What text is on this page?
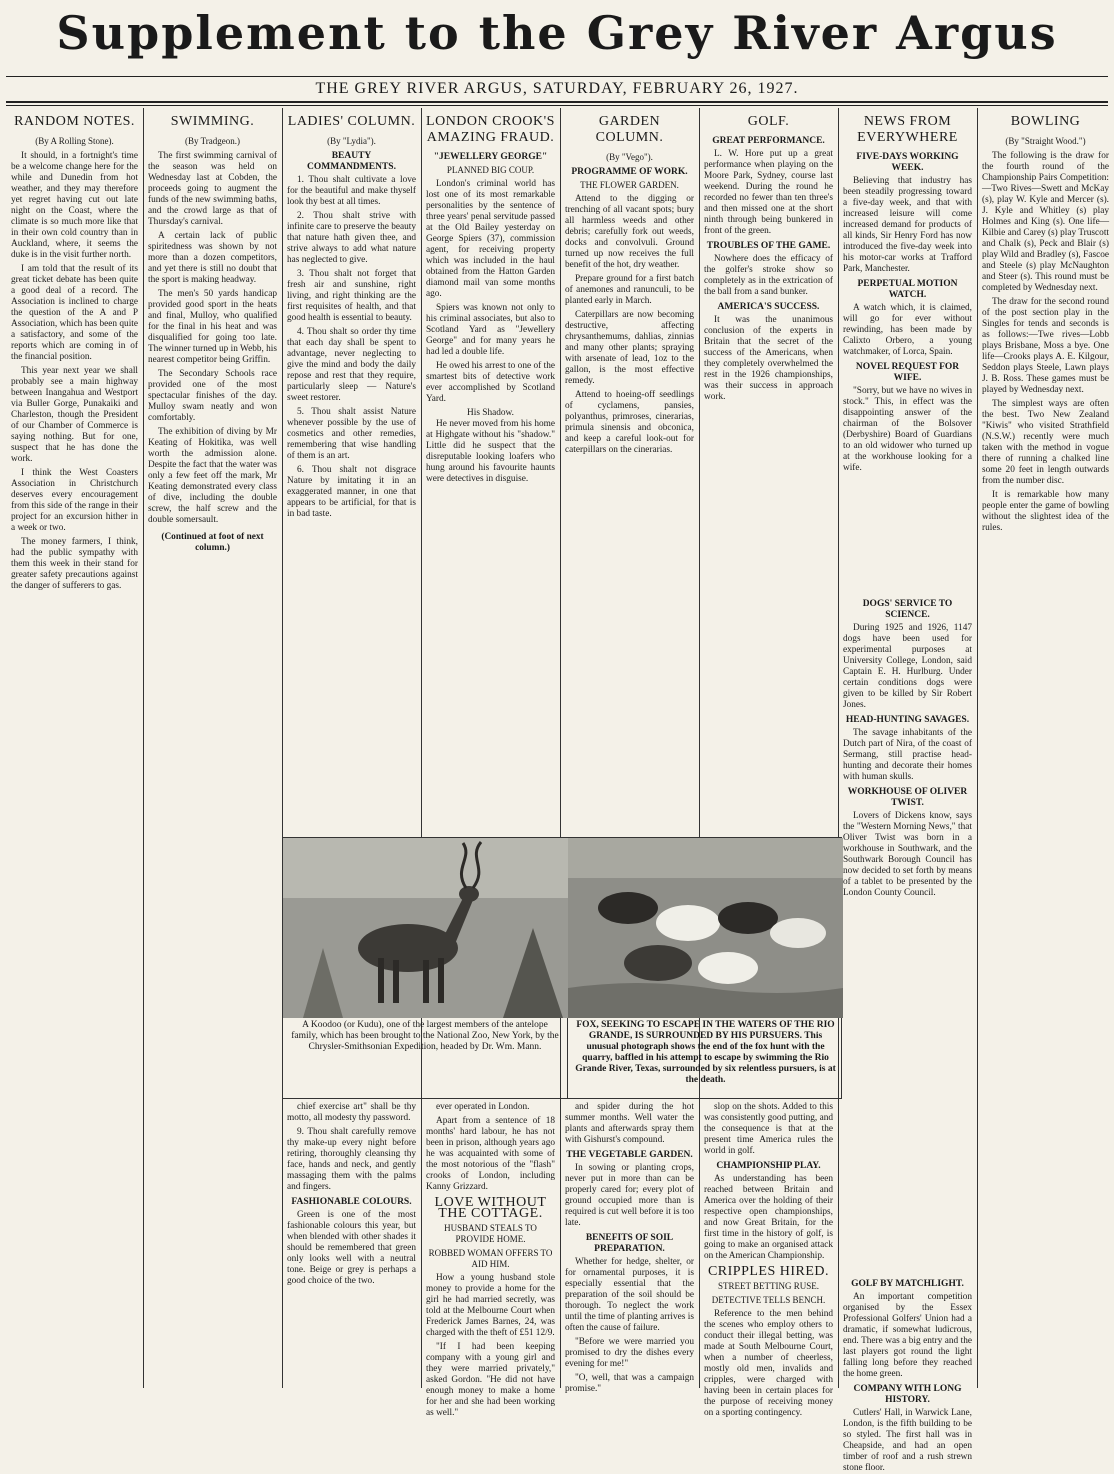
Supplement to the Grey River Argus
THE GREY RIVER ARGUS, SATURDAY, FEBRUARY 26, 1927.
RANDOM NOTES.
(By A Rolling Stone).

It should, in a fortnight's time be a welcome change here for the while and Dunedin from hot weather, and they may therefore yet regret having cut out late night on the Coast, where the climate is so much more like that in their own cold country than in Auckland, where, it seems the duke is in the visit further north.

I am told that the result of its great ticket debate has been quite a good deal of a record. The Association is inclined to charge the question of the A and P Association, which has been quite a satisfactory, and some of the reports which are coming in of the financial position.

This year next year we shall probably see a main highway between Inangahua and Westport via Buller Gorge, Punakaiki and Charleston, though the President of our Chamber of Commerce is saying nothing. But for one, suspect that he has done the work.

I think the West Coasters Association in Christchurch deserves every encouragement from this side of the range in their project for an excursion hither in a week or two.

The money farmers, I think, had the public sympathy with them this week in their stand for greater safety precautions against the danger of sufferers to gas.

SWIMMING.
(By Tradgeon.)

The first swimming carnival of the season was held on Wednesday last at Cobden, the proceeds going to augment the funds of the new swimming baths, and the crowd large as that of Thursday's carnival.

A certain lack of public spiritedness was shown by not more than a dozen competitors, and yet there is still no doubt that the sport is making headway.

The men's 50 yards handicap provided good sport in the heats and final, Mulloy, who qualified for the final in his heat and was disqualified for going too late. The winner turned up in Webb, his nearest competitor being Griffin.

The Secondary Schools race provided one of the most spectacular finishes of the day. Mulloy swam neatly and won comfortably.

The exhibition of diving by Mr Keating of Hokitika, was well worth the admission alone. Despite the fact that the water was only a few feet off the mark, Mr Keating demonstrated every class of dive, including the double screw, the half screw and the double somersault.

(Continued at foot of next column.)
LADIES' COLUMN.
(By "Lydia").
BEAUTY COMMANDMENTS.

1. Thou shalt cultivate a love for the beautiful and make thyself look thy best at all times.

2. Thou shalt strive with infinite care to preserve the beauty that nature hath given thee, and strive always to add what nature has neglected to give.

3. Thou shalt not forget that fresh air and sunshine, right living, and right thinking are the first requisites of health, and that good health is essential to beauty.

4. Thou shalt so order thy time that each day shall be spent to advantage, never neglecting to give the mind and body the daily repose and rest that they require, particularly sleep — Nature's sweet restorer.

5. Thou shalt assist Nature whenever possible by the use of cosmetics and other remedies, remembering that wise handling of them is an art.

6. Thou shalt not disgrace Nature by imitating it in an exaggerated manner, in one that appears to be artificial, for that is in bad taste.

LONDON CROOK'S AMAZING FRAUD.
"JEWELLERY GEORGE"
PLANNED BIG COUP.

London's criminal world has lost one of its most remarkable personalities by the sentence of three years' penal servitude passed at the Old Bailey yesterday on George Spiers (37), commission agent, for receiving property which was included in the haul obtained from the Hatton Garden diamond mail van some months ago.

Spiers was known not only to his criminal associates, but also to Scotland Yard as "Jewellery George" and for many years he had led a double life.

He owed his arrest to one of the smartest bits of detective work ever accomplished by Scotland Yard.

His Shadow.

He never moved from his home at Highgate without his "shadow." Little did he suspect that the disreputable looking loafers who hung around his favourite haunts were detectives in disguise.

GARDEN COLUMN.
(By "Vego").
PROGRAMME OF WORK.
THE FLOWER GARDEN.

Attend to the digging or trenching of all vacant spots; bury all harmless weeds and other debris; carefully fork out weeds, docks and convolvuli. Ground turned up now receives the full benefit of the hot, dry weather.

Prepare ground for a first batch of anemones and ranunculi, to be planted early in March.

Caterpillars are now becoming destructive, affecting chrysanthemums, dahlias, zinnias and many other plants; spraying with arsenate of lead, 1oz to the gallon, is the most effective remedy.

Attend to hoeing-off seedlings of cyclamens, pansies, polyanthus, primroses, cinerarias, primula sinensis and obconica, and keep a careful look-out for caterpillars on the cinerarias.

GOLF.
GREAT PERFORMANCE.

L. W. Hore put up a great performance when playing on the Moore Park, Sydney, course last weekend. During the round he recorded no fewer than ten three's and then missed one at the short ninth through being bunkered in front of the green.

TROUBLES OF THE GAME.

Nowhere does the efficacy of the golfer's stroke show so completely as in the extrication of the ball from a sand bunker.

AMERICA'S SUCCESS.

It was the unanimous conclusion of the experts in Britain that the secret of the success of the Americans, when they completely overwhelmed the rest in the 1926 championships, was their success in approach work.

NEWS FROM EVERYWHERE
FIVE-DAYS WORKING WEEK.

Believing that industry has been steadily progressing toward a five-day week, and that with increased leisure will come increased demand for products of all kinds, Sir Henry Ford has now introduced the five-day week into his motor-car works at Trafford Park, Manchester.

PERPETUAL MOTION WATCH.

A watch which, it is claimed, will go for ever without rewinding, has been made by Calixto Orbero, a young watchmaker, of Lorca, Spain.

NOVEL REQUEST FOR WIFE.

"Sorry, but we have no wives in stock." This, in effect was the disappointing answer of the chairman of the Bolsover (Derbyshire) Board of Guardians to an old widower who turned up at the workhouse looking for a wife.

DOGS' SERVICE TO SCIENCE.

During 1925 and 1926, 1147 dogs have been used for experimental purposes at University College, London, said Captain E. H. Hurlburg. Under certain conditions dogs were given to be killed by Sir Robert Jones.

HEAD-HUNTING SAVAGES.

The savage inhabitants of the Dutch part of Nira, of the coast of Sermang, still practise head-hunting and decorate their homes with human skulls.

WORKHOUSE OF OLIVER TWIST.

Lovers of Dickens know, says the "Western Morning News," that Oliver Twist was born in a workhouse in Southwark, and the Southwark Borough Council has now decided to set forth by means of a tablet to be presented by the London County Council.

GOLF BY MATCHLIGHT.

An important competition organised by the Essex Professional Golfers' Union had a dramatic, if somewhat ludicrous, end. There was a big entry and the last players got round the light falling long before they reached the home green.

COMPANY WITH LONG HISTORY.

Cutlers' Hall, in Warwick Lane, London, is the fifth building to be so styled. The first hall was in Cheapside, and had an open timber of roof and a rush strewn stone floor.

BOWLING
(By "Straight Wood.")

The following is the draw for the fourth round of the Championship Pairs Competition:—Two Rives—Swett and McKay (s), play W. Kyle and Mercer (s). J. Kyle and Whitley (s) play Holmes and King (s). One life—Kilbie and Carey (s) play Truscott and Chalk (s), Peck and Blair (s) play Wild and Bradley (s), Fascoe and Steele (s) play McNaughton and Steer (s). This round must be completed by Wednesday next.

The draw for the second round of the post section play in the Singles for tends and seconds is as follows:—Twe rives—Lobb plays Brisbane, Moss a bye. One life—Crooks plays A. E. Kilgour, Seddon plays Steele, Lawn plays J. B. Ross. These games must be played by Wednesday next.

The simplest ways are often the best. Two New Zealand "Kiwis" who visited Strathfield (N.S.W.) recently were much taken with the method in vogue there of running a chalked line some 20 feet in length outwards from the number disc.

It is remarkable how many people enter the game of bowling without the slightest idea of the rules.

A Koodoo (or Kudu), one of the largest members of the antelope family, which has been brought to the National Zoo, New York, by the Chrysler-Smithsonian Expedition, headed by Dr. Wm. Mann.
FOX, SEEKING TO ESCAPE IN THE WATERS OF THE RIO GRANDE, IS SURROUNDED BY HIS PURSUERS. This unusual photograph shows the end of the fox hunt with the quarry, baffled in his attempt to escape by swimming the Rio Grande River, Texas, surrounded by six relentless pursuers, is at the death.

chief exercise art" shall be thy motto, all modesty thy password.

9. Thou shalt carefully remove thy make-up every night before retiring, thoroughly cleansing thy face, hands and neck, and gently massaging them with the palms and fingers.

FASHIONABLE COLOURS.

Green is one of the most fashionable colours this year, but when blended with other shades it should be remembered that green only looks well with a neutral tone. Beige or grey is perhaps a good choice of the two.

ever operated in London.

Apart from a sentence of 18 months' hard labour, he has not been in prison, although years ago he was acquainted with some of the most notorious of the "flash" crooks of London, including Kanny Grizzard.

LOVE WITHOUT THE COTTAGE.
HUSBAND STEALS TO PROVIDE HOME.
ROBBED WOMAN OFFERS TO AID HIM.

How a young husband stole money to provide a home for the girl he had married secretly, was told at the Melbourne Court when Frederick James Barnes, 24, was charged with the theft of £51 12/9.

"If I had been keeping company with a young girl and they were married privately," asked Gordon. "He did not have enough money to make a home for her and she had been working as well."

and spider during the hot summer months. Well water the plants and afterwards spray them with Gishurst's compound.

THE VEGETABLE GARDEN.

In sowing or planting crops, never put in more than can be properly cared for; every plot of ground occupied more than is required is cut well before it is too late.

BENEFITS OF SOIL PREPARATION.

Whether for hedge, shelter, or for ornamental purposes, it is especially essential that the preparation of the soil should be thorough. To neglect the work until the time of planting arrives is often the cause of failure.

"Before we were married you promised to dry the dishes every evening for me!"

"O, well, that was a campaign promise."

slop on the shots. Added to this was consistently good putting, and the consequence is that at the present time America rules the world in golf.

CHAMPIONSHIP PLAY.

As understanding has been reached between Britain and America over the holding of their respective open championships, and now Great Britain, for the first time in the history of golf, is going to make an organised attack on the American Championship.

CRIPPLES HIRED.
STREET BETTING RUSE.
DETECTIVE TELLS BENCH.

Reference to the men behind the scenes who employ others to conduct their illegal betting, was made at South Melbourne Court, when a number of cheerless, mostly old men, invalids and cripples, were charged with having been in certain places for the purpose of receiving money on a sporting contingency.
